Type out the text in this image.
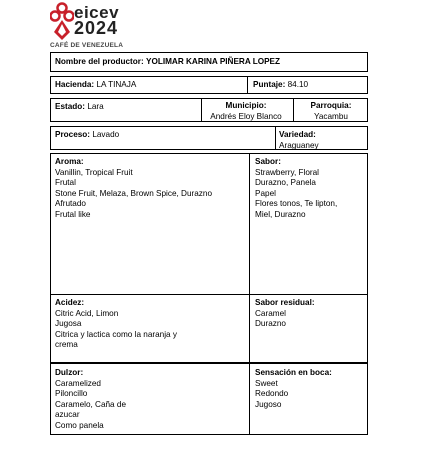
eicev
2024
CAFÉ DE VENEZUELA
Nombre del productor: YOLIMAR KARINA PIÑERA LOPEZ
Hacienda: LA TINAJA	Puntaje: 84.10
Estado: Lara	Municipio:
Andrés Eloy Blanco
Parroquia:
Yacambu
Proceso: Lavado	Variedad:
Araguaney
Aroma:
Vanillin, Tropical Fruit
Frutal
Stone Fruit, Melaza, Brown Spice, Durazno
Afrutado
Frutal like
Sabor:
Strawberry, Floral
Durazno, Panela
Papel
Flores tonos, Te lipton,
Miel, Durazno
Acidez:
Citric Acid, Limon
Jugosa
Citrica y lactica como la naranja y
crema
Sabor residual:
Caramel
Durazno
Dulzor:
Caramelized
Piloncillo
Caramelo, Caña de
azucar
Como panela
Sensación en boca:
Sweet
Redondo
Jugoso
